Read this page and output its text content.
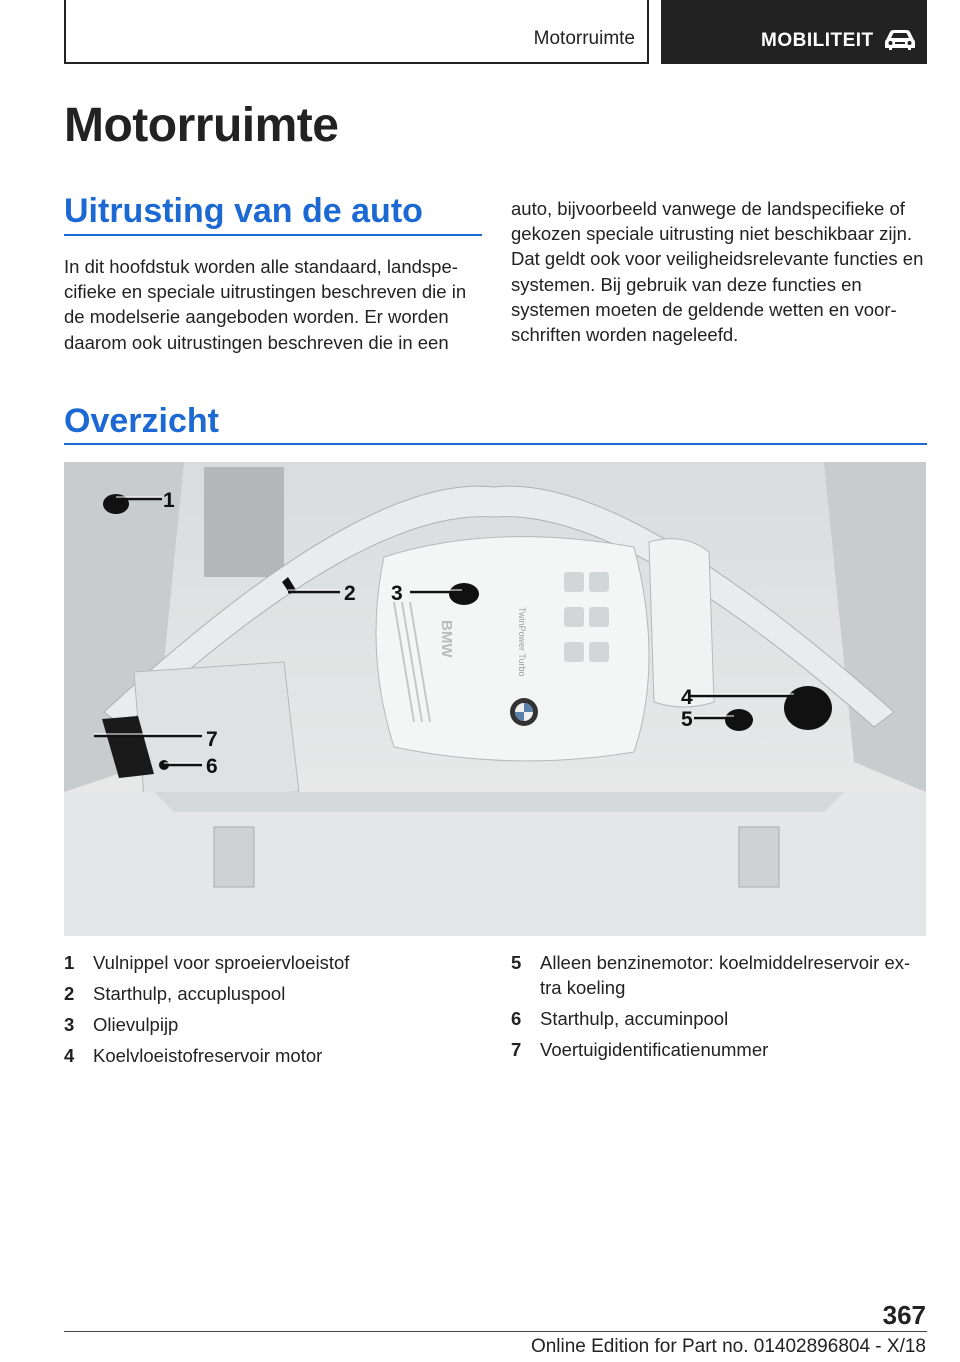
Motorruimte	MOBILITEIT
Motorruimte
Uitrusting van de auto

In dit hoofdstuk worden alle standaard, landspe-cifieke en speciale uitrustingen beschreven die in de modelserie aangeboden worden. Er worden daarom ook uitrustingen beschreven die in een

auto, bijvoorbeeld vanwege de landspecifieke of gekozen speciale uitrusting niet beschikbaar zijn. Dat geldt ook voor veiligheidsrelevante functies en systemen. Bij gebruik van deze functies en systemen moeten de geldende wetten en voor-schriften worden nageleefd.

Overzicht
1
2 3
4
5
6
7
BMW	TwinPower Turbo
1 Vulnippel voor sproeiervloeistof
2 Starthulp, accupluspool
3 Olievulpijp
4 Koelvloeistofreservoir motor
5 Alleen benzinemotor: koelmiddelreservoir ex-tra koeling
6 Starthulp, accuminpool
7 Voertuigidentificatienummer
367
Online Edition for Part no. 01402896804 - X/18
